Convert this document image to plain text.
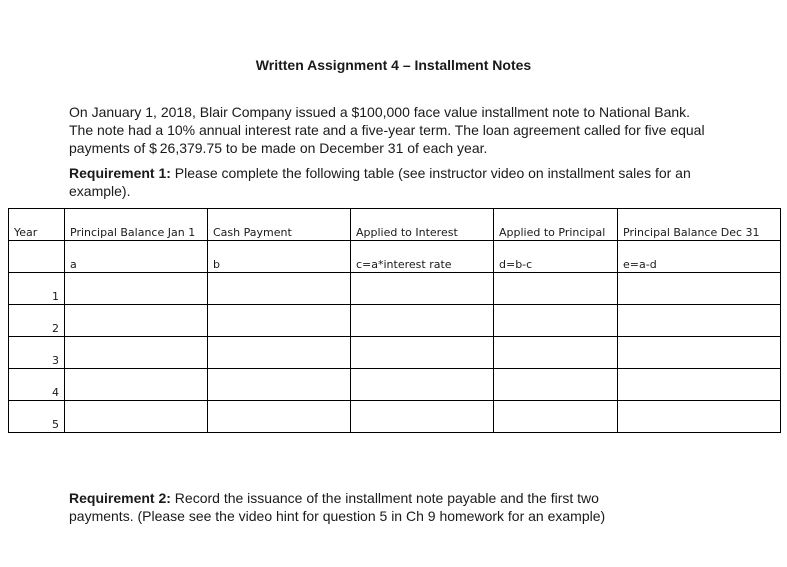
Written Assignment 4 – Installment Notes
On January 1, 2018, Blair Company issued a $100,000 face value installment note to National Bank.
The note had a 10% annual interest rate and a five-year term. The loan agreement called for five equal
payments of $ 26,379.75 to be made on December 31 of each year.
Requirement 1: Please complete the following table (see instructor video on installment sales for an
example).
Year	Principal Balance Jan 1	Cash Payment	Applied to Interest	Applied to Principal	Principal Balance Dec 31
	a	b	c=a*interest rate	d=b-c	e=a-d
1					
2					
3					
4					
5					
Requirement 2: Record the issuance of the installment note payable and the first two
payments. (Please see the video hint for question 5 in Ch 9 homework for an example)
